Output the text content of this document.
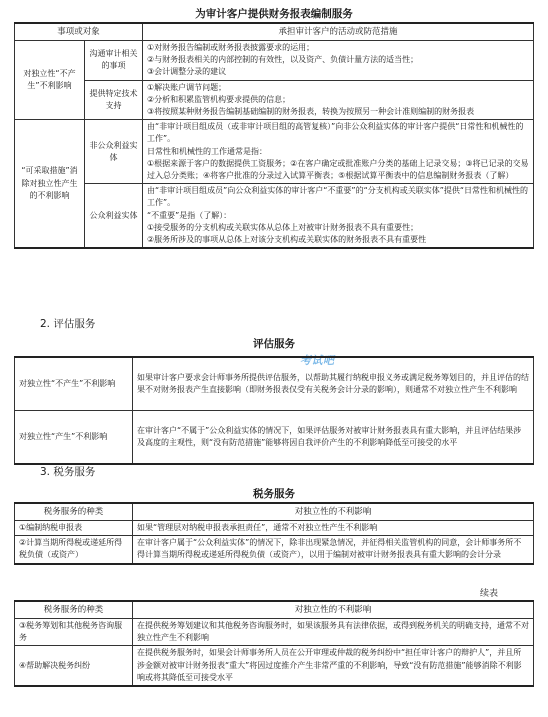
为审计客户提供财务报表编制服务
事项或对象		承担审计客户的活动或防范措施
对独立性“不产生”不利影响	沟通审计相关的事项	①对财务报告编制或财务报表披露要求的运用；
②与财务报表相关的内部控制的有效性，以及资产、负债计量方法的适当性；
③会计调整分录的建议

	提供特定技术支持	①解决账户调节问题；
②分析和积累监管机构要求提供的信息；
③将按照某种财务报告编制基础编制的财务报表，转换为按照另一种会计准则编制的财务报表

“可采取措施”消除对独立性产生的不利影响	非公众利益实体	由“非审计项目组成员（或非审计项目组的高管复核）”向非公众利益实体的审计客户提供“日常性和机械性的工作”。
日常性和机械性的工作通常是指：
①根据来源于客户的数据提供工资服务；②在客户确定或批准账户分类的基础上记录交易；③将已记录的交易过入总分类账；④将客户批准的分录过入试算平衡表；⑤根据试算平衡表中的信息编制财务报表（了解）

	公众利益实体	由“非审计项目组成员”向公众利益实体的审计客户“不重要”的“分支机构或关联实体”提供“日常性和机械性的工作”。
“不重要”是指（了解）：
①接受服务的分支机构或关联实体从总体上对被审计财务报表不具有重要性；
②服务所涉及的事项从总体上对该分支机构或关联实体的财务报表不具有重要性
2. 评估服务
评估服务
考试吧
对独立性“不产生”不利影响	如果审计客户要求会计师事务所提供评估服务，以帮助其履行纳税申报义务或满足税务筹划目的，并且评估的结果不对财务报表产生直接影响（即财务报表仅受有关税务会计分录的影响），则通常不对独立性产生不利影响
对独立性“产生”不利影响	在审计客户“不属于”公众利益实体的情况下，如果评估服务对被审计财务报表具有重大影响，并且评估结果涉及高度的主观性，则“没有防范措施”能够将因自我评价产生的不利影响降低至可接受的水平
3. 税务服务
税务服务
税务服务的种类	对独立性的不利影响
①编制纳税申报表	如果“管理层对纳税申报表承担责任”，通常不对独立性产生不利影响
②计算当期所得税或递延所得税负债（或资产）	在审计客户属于“公众利益实体”的情况下，除非出现紧急情况，并征得相关监管机构的同意，会计师事务所不得计算当期所得税或递延所得税负债（或资产），以用于编制对被审计财务报表具有重大影响的会计分录
续表
税务服务的种类	对独立性的不利影响
③税务筹划和其他税务咨询服务	在提供税务筹划建议和其他税务咨询服务时，如果该服务具有法律依据，或得到税务机关的明确支持，通常不对独立性产生不利影响
④帮助解决税务纠纷	在提供税务服务时，如果会计师事务所人员在公开审理或仲裁的税务纠纷中“担任审计客户的辩护人”，并且所涉金额对被审计财务报表“重大”将因过度推介产生非常严重的不利影响，导致“没有防范措施”能够消除不利影响或将其降低至可接受水平
